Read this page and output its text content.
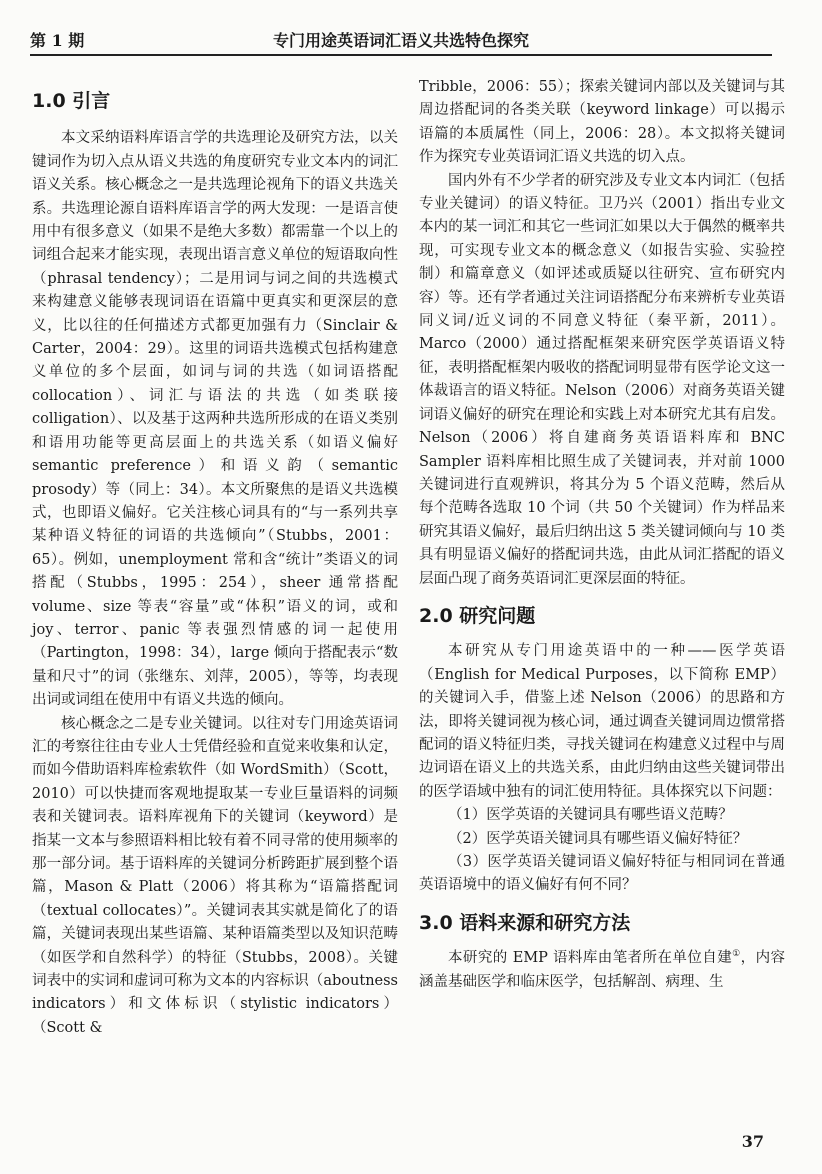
第 1 期	专门用途英语词汇语义共选特色探究
1.0 引言

本文采纳语料库语言学的共选理论及研究方法，以关键词作为切入点从语义共选的角度研究专业文本内的词汇语义关系。核心概念之一是共选理论视角下的语义共选关系。共选理论源自语料库语言学的两大发现：一是语言使用中有很多意义（如果不是绝大多数）都需靠一个以上的词组合起来才能实现，表现出语言意义单位的短语取向性（phrasal tendency）；二是用词与词之间的共选模式来构建意义能够表现词语在语篇中更真实和更深层的意义，比以往的任何描述方式都更加强有力（Sinclair & Carter，2004：29）。这里的词语共选模式包括构建意义单位的多个层面，如词与词的共选（如词语搭配collocation）、词汇与语法的共选（如类联接colligation）、以及基于这两种共选所形成的在语义类别和语用功能等更高层面上的共选关系（如语义偏好semantic preference）和语义韵（semantic prosody）等（同上：34）。本文所聚焦的是语义共选模式，也即语义偏好。它关注核心词具有的“与一系列共享某种语义特征的词语的共选倾向”（Stubbs，2001：65）。例如，unemployment 常和含“统计”类语义的词搭配（Stubbs，1995：254），sheer 通常搭配 volume、size 等表“容量”或“体积”语义的词，或和 joy、terror、panic 等表强烈情感的词一起使用（Partington，1998：34），large 倾向于搭配表示“数量和尺寸”的词（张继东、刘萍，2005），等等，均表现出词或词组在使用中有语义共选的倾向。

核心概念之二是专业关键词。以往对专门用途英语词汇的考察往往由专业人士凭借经验和直觉来收集和认定，而如今借助语料库检索软件（如 WordSmith）（Scott，2010）可以快捷而客观地提取某一专业巨量语料的词频表和关键词表。语料库视角下的关键词（keyword）是指某一文本与参照语料相比较有着不同寻常的使用频率的那一部分词。基于语料库的关键词分析跨距扩展到整个语篇，Mason & Platt（2006）将其称为“语篇搭配词（textual collocates）”。关键词表其实就是简化了的语篇，关键词表现出某些语篇、某种语篇类型以及知识范畴（如医学和自然科学）的特征（Stubbs，2008）。关键词表中的实词和虚词可称为文本的内容标识（aboutness indicators）和文体标识（stylistic indicators）（Scott &

Tribble，2006：55）；探索关键词内部以及关键词与其周边搭配词的各类关联（keyword linkage）可以揭示语篇的本质属性（同上，2006：28）。本文拟将关键词作为探究专业英语词汇语义共选的切入点。

国内外有不少学者的研究涉及专业文本内词汇（包括专业关键词）的语义特征。卫乃兴（2001）指出专业文本内的某一词汇和其它一些词汇如果以大于偶然的概率共现，可实现专业文本的概念意义（如报告实验、实验控制）和篇章意义（如评述或质疑以往研究、宣布研究内容）等。还有学者通过关注词语搭配分布来辨析专业英语同义词/近义词的不同意义特征（秦平新，2011）。Marco（2000）通过搭配框架来研究医学英语语义特征，表明搭配框架内吸收的搭配词明显带有医学论文这一体裁语言的语义特征。Nelson（2006）对商务英语关键词语义偏好的研究在理论和实践上对本研究尤其有启发。Nelson（2006）将自建商务英语语料库和 BNC Sampler 语料库相比照生成了关键词表，并对前 1000 关键词进行直观辨识，将其分为 5 个语义范畴，然后从每个范畴各选取 10 个词（共 50 个关键词）作为样品来研究其语义偏好，最后归纳出这 5 类关键词倾向与 10 类具有明显语义偏好的搭配词共选，由此从词汇搭配的语义层面凸现了商务英语词汇更深层面的特征。

2.0 研究问题

本研究从专门用途英语中的一种——医学英语（English for Medical Purposes，以下简称 EMP）的关键词入手，借鉴上述 Nelson（2006）的思路和方法，即将关键词视为核心词，通过调查关键词周边惯常搭配词的语义特征归类，寻找关键词在构建意义过程中与周边词语在语义上的共选关系，由此归纳由这些关键词带出的医学语域中独有的词汇使用特征。具体探究以下问题：

（1）医学英语的关键词具有哪些语义范畴？

（2）医学英语关键词具有哪些语义偏好特征？

（3）医学英语关键词语义偏好特征与相同词在普通英语语境中的语义偏好有何不同？

3.0 语料来源和研究方法

本研究的 EMP 语料库由笔者所在单位自建①，内容涵盖基础医学和临床医学，包括解剖、病理、生

37
